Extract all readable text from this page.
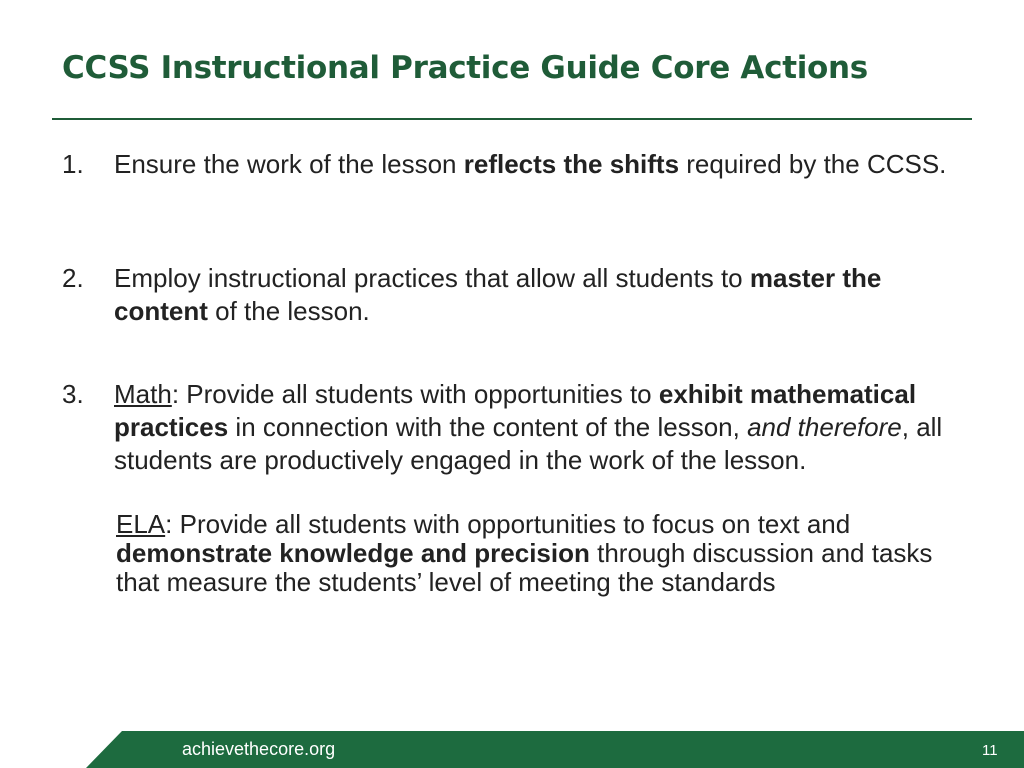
CCSS Instructional Practice Guide Core Actions
1.	Ensure the work of the lesson reflects the shifts required by the CCSS.
2.	Employ instructional practices that allow all students to master the content of the lesson.
3.	Math: Provide all students with opportunities to exhibit mathematical practices in connection with the content of the lesson, and therefore, all students are productively engaged in the work of the lesson.
ELA: Provide all students with opportunities to focus on text and demonstrate knowledge and precision through discussion and tasks that measure the students’ level of meeting the standards
achievethecore.org	11
